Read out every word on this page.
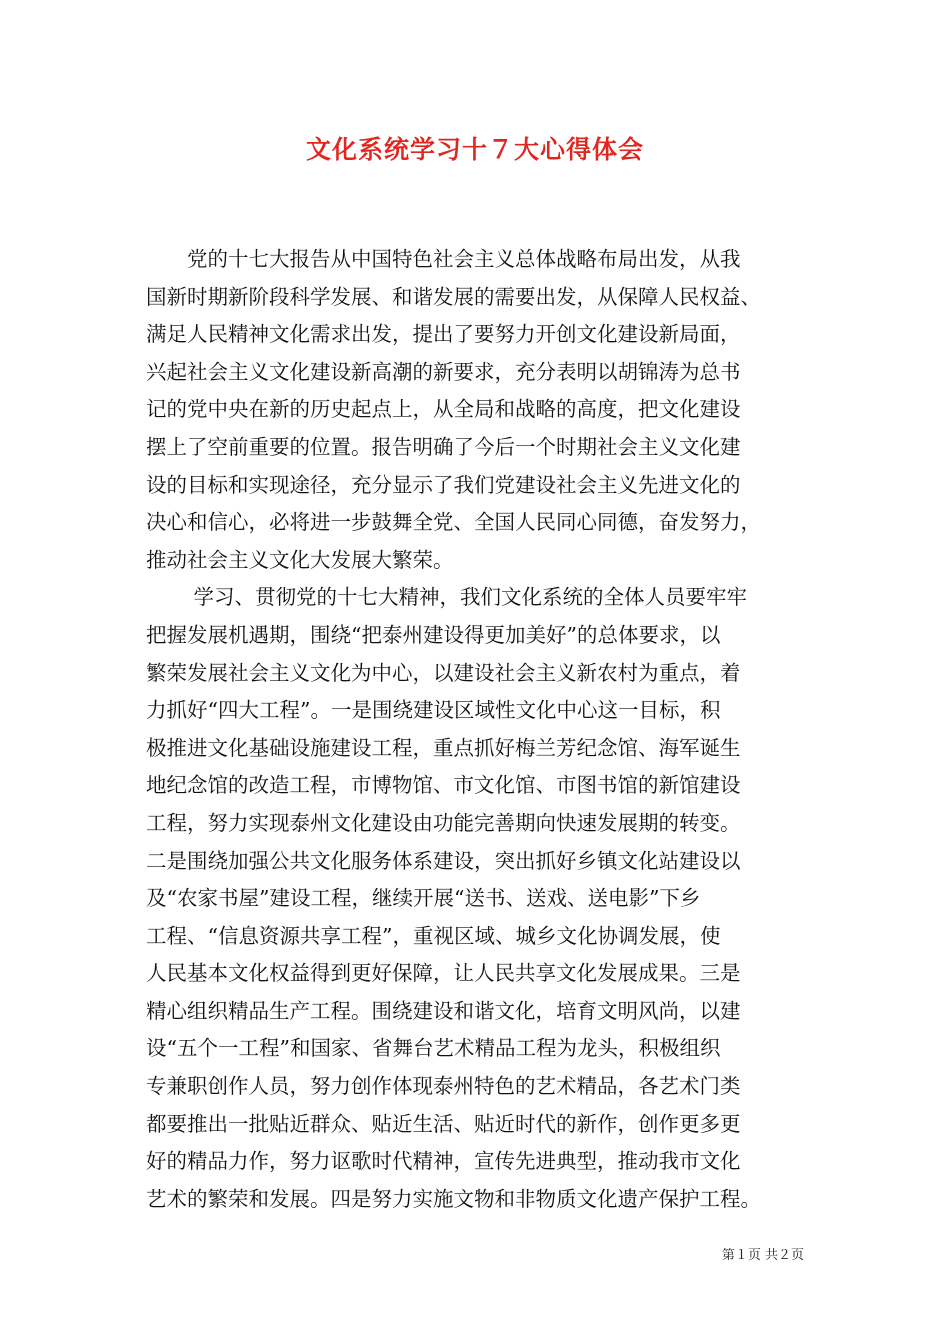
文化系统学习十７大心得体会
　　党的十七大报告从中国特色社会主义总体战略布局出发，从我
国新时期新阶段科学发展、和谐发展的需要出发，从保障人民权益、
满足人民精神文化需求出发，提出了要努力开创文化建设新局面，
兴起社会主义文化建设新高潮的新要求，充分表明以胡锦涛为总书
记的党中央在新的历史起点上，从全局和战略的高度，把文化建设
摆上了空前重要的位置。报告明确了今后一个时期社会主义文化建
设的目标和实现途径，充分显示了我们党建设社会主义先进文化的
决心和信心，必将进一步鼓舞全党、全国人民同心同德，奋发努力，
推动社会主义文化大发展大繁荣。
　　 学习、贯彻党的十七大精神，我们文化系统的全体人员要牢牢
把握发展机遇期，围绕“把泰州建设得更加美好”的总体要求，以
繁荣发展社会主义文化为中心，以建设社会主义新农村为重点，着
力抓好“四大工程”。一是围绕建设区域性文化中心这一目标，积
极推进文化基础设施建设工程，重点抓好梅兰芳纪念馆、海军诞生
地纪念馆的改造工程，市博物馆、市文化馆、市图书馆的新馆建设
工程，努力实现泰州文化建设由功能完善期向快速发展期的转变。
二是围绕加强公共文化服务体系建设，突出抓好乡镇文化站建设以
及“农家书屋”建设工程，继续开展“送书、送戏、送电影”下乡
工程、“信息资源共享工程”，重视区域、城乡文化协调发展，使
人民基本文化权益得到更好保障，让人民共享文化发展成果。三是
精心组织精品生产工程。围绕建设和谐文化，培育文明风尚，以建
设“五个一工程”和国家、省舞台艺术精品工程为龙头，积极组织
专兼职创作人员，努力创作体现泰州特色的艺术精品，各艺术门类
都要推出一批贴近群众、贴近生活、贴近时代的新作，创作更多更
好的精品力作，努力讴歌时代精神，宣传先进典型，推动我市文化
艺术的繁荣和发展。四是努力实施文物和非物质文化遗产保护工程。
第１页 共２页
